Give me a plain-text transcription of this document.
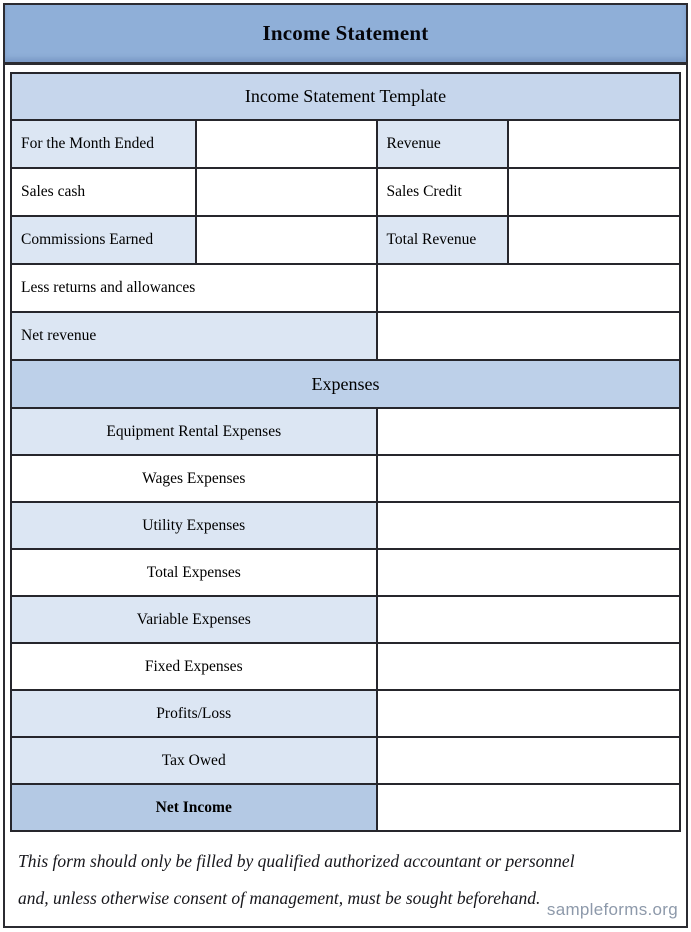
Income Statement
Income Statement Template
For the Month Ended	Revenue
Sales cash	Sales Credit
Commissions Earned	Total Revenue
Less returns and allowances
Net revenue
Expenses
Equipment Rental Expenses
Wages Expenses
Utility Expenses
Total Expenses
Variable Expenses
Fixed Expenses
Profits/Loss
Tax Owed
Net Income
This form should only be filled by qualified authorized accountant or personnel
and, unless otherwise consent of management, must be sought beforehand.
sampleforms.org
